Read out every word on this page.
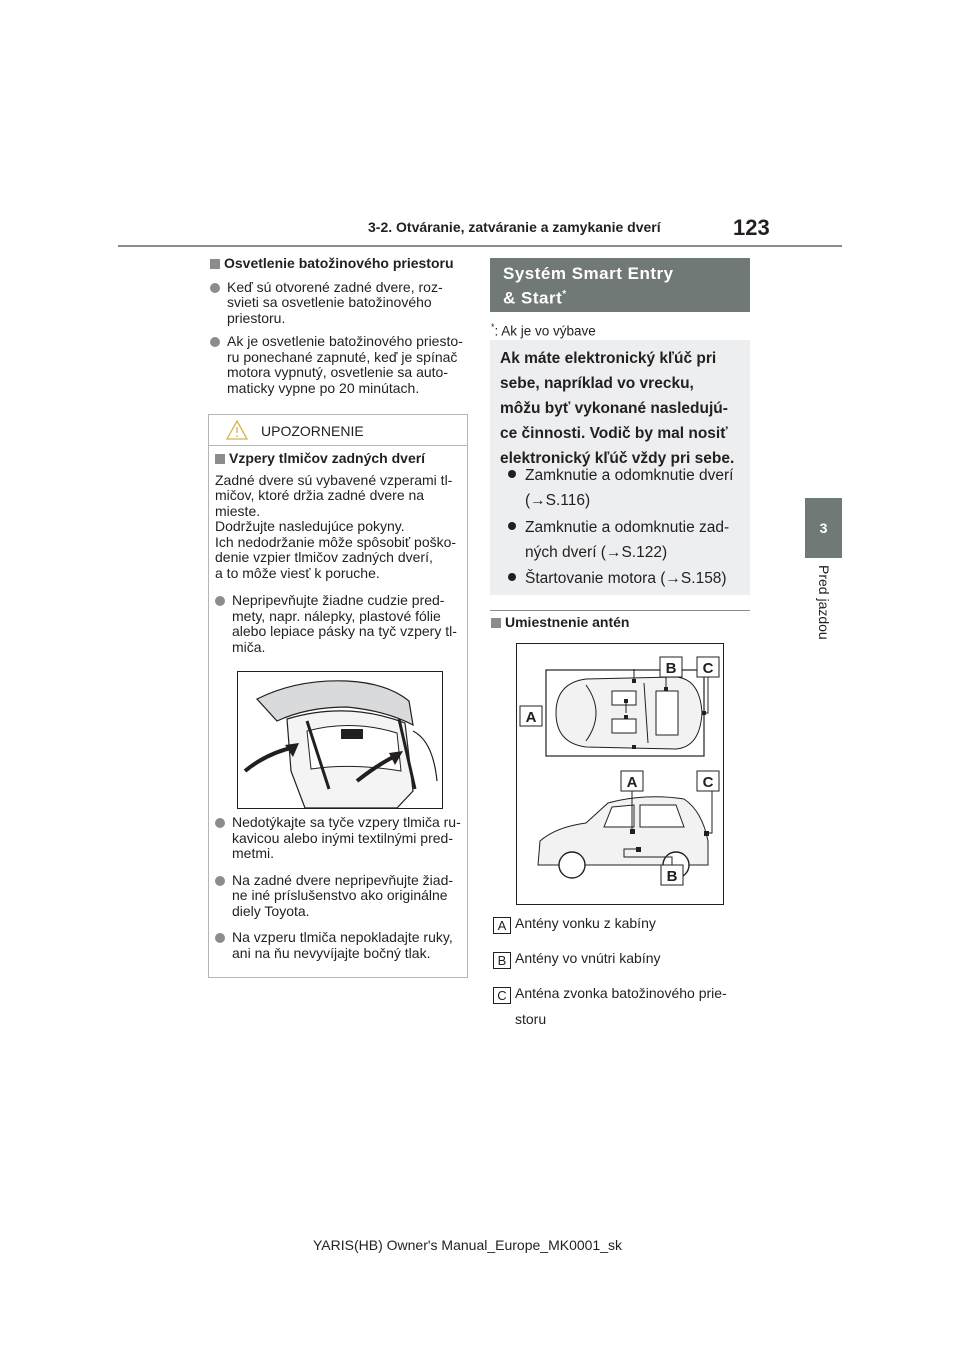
3-2. Otváranie, zatváranie a zamykanie dverí	123
3
Pred jazdou
Osvetlenie batožinového priestoru
Keď sú otvorené zadné dvere, roz-
svieti sa osvetlenie batožinového
priestoru.
Ak je osvetlenie batožinového priesto-
ru ponechané zapnuté, keď je spínač
motora vypnutý, osvetlenie sa auto-
maticky vypne po 20 minútach.
UPOZORNENIE
Vzpery tlmičov zadných dverí
Zadné dvere sú vybavené vzperami tl-
mičov, ktoré držia zadné dvere na
mieste.
Dodržujte nasledujúce pokyny.
Ich nedodržanie môže spôsobiť poško-
denie vzpier tlmičov zadných dverí,
a to môže viesť k poruche.
Nepripevňujte žiadne cudzie pred-
mety, napr. nálepky, plastové fólie
alebo lepiace pásky na tyč vzpery tl-
miča.
Nedotýkajte sa tyče vzpery tlmiča ru-
kavicou alebo inými textilnými pred-
metmi.
Na zadné dvere nepripevňujte žiad-
ne iné príslušenstvo ako originálne
diely Toyota.
Na vzperu tlmiča nepokladajte ruky,
ani na ňu nevyvíjajte bočný tlak.
Systém Smart Entry
& Start*
*: Ak je vo výbave
Ak máte elektronický kľúč pri
sebe, napríklad vo vrecku,
môžu byť vykonané nasledujú-
ce činnosti. Vodič by mal nosiť
elektronický kľúč vždy pri sebe.
Zamknutie a odomknutie dverí
(→S.116)
Zamknutie a odomknutie zad-
ných dverí (→S.122)
Štartovanie motora (→S.158)
Umiestnenie antén
B C
A
A	C
B
A Antény vonku z kabíny
B Antény vo vnútri kabíny
C Anténa zvonka batožinového prie-
storu
YARIS(HB) Owner's Manual_Europe_MK0001_sk
